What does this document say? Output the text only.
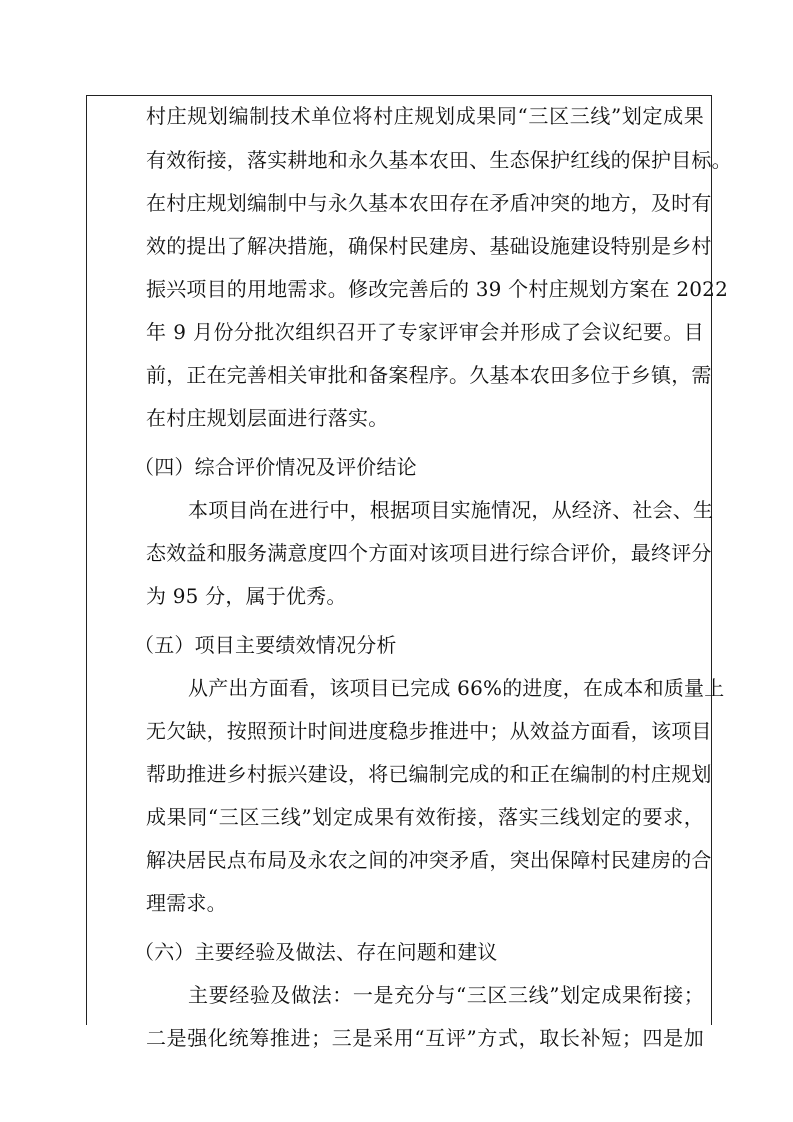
村庄规划编制技术单位将村庄规划成果同“三区三线”划定成果
有效衔接，落实耕地和永久基本农田、生态保护红线的保护目标。
在村庄规划编制中与永久基本农田存在矛盾冲突的地方，及时有
效的提出了解决措施，确保村民建房、基础设施建设特别是乡村
振兴项目的用地需求。修改完善后的 39 个村庄规划方案在 2022
年 9 月份分批次组织召开了专家评审会并形成了会议纪要。目
前，正在完善相关审批和备案程序。久基本农田多位于乡镇，需
在村庄规划层面进行落实。
（四）综合评价情况及评价结论
本项目尚在进行中，根据项目实施情况，从经济、社会、生
态效益和服务满意度四个方面对该项目进行综合评价，最终评分
为 95 分，属于优秀。
（五）项目主要绩效情况分析
从产出方面看，该项目已完成 66%的进度，在成本和质量上
无欠缺，按照预计时间进度稳步推进中；从效益方面看，该项目
帮助推进乡村振兴建设，将已编制完成的和正在编制的村庄规划
成果同“三区三线”划定成果有效衔接，落实三线划定的要求，
解决居民点布局及永农之间的冲突矛盾，突出保障村民建房的合
理需求。
（六）主要经验及做法、存在问题和建议
主要经验及做法：一是充分与“三区三线”划定成果衔接；
二是强化统筹推进；三是采用“互评”方式，取长补短；四是加
